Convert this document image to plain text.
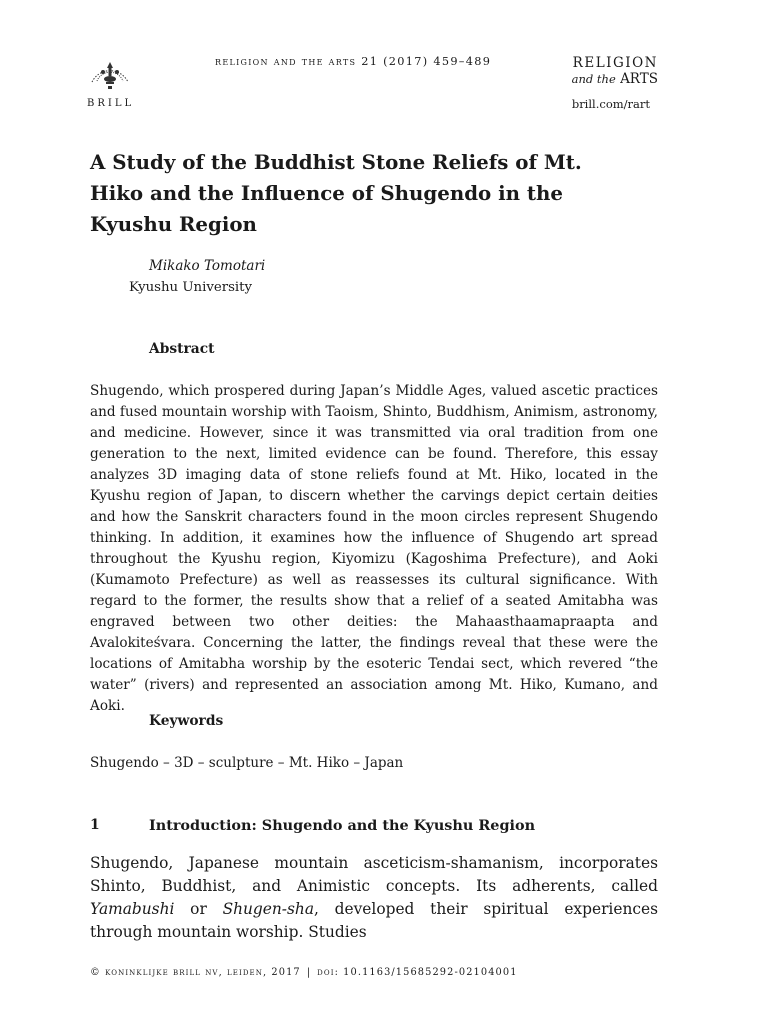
BRILL
religion and the arts 21 (2017) 459–489	RELIGION
and the ARTS
brill.com/rart
A Study of the Buddhist Stone Reliefs of Mt. Hiko and the Influence of Shugendo in the Kyushu Region
Mikako Tomotari
Kyushu University
Abstract

Shugendo, which prospered during Japan’s Middle Ages, valued ascetic practices and fused mountain worship with Taoism, Shinto, Buddhism, Animism, astronomy, and medicine. However, since it was transmitted via oral tradition from one generation to the next, limited evidence can be found. Therefore, this essay analyzes 3D imaging data of stone reliefs found at Mt. Hiko, located in the Kyushu region of Japan, to discern whether the carvings depict certain deities and how the Sanskrit characters found in the moon circles represent Shugendo thinking. In addition, it examines how the influence of Shugendo art spread throughout the Kyushu region, Kiyomizu (Kagoshima Prefecture), and Aoki (Kumamoto Prefecture) as well as reassesses its cultural significance. With regard to the former, the results show that a relief of a seated Amitabha was engraved between two other deities: the Mahaasthaamapraapta and Avalokiteśvara. Concerning the latter, the findings reveal that these were the locations of Amitabha worship by the esoteric Tendai sect, which revered “the water” (rivers) and represented an association among Mt. Hiko, Kumano, and Aoki.

Keywords
Shugendo – 3D – sculpture – Mt. Hiko – Japan
1	Introduction: Shugendo and the Kyushu Region

Shugendo, Japanese mountain asceticism-shamanism, incorporates Shinto, Buddhist, and Animistic concepts. Its adherents, called Yamabushi or Shugen-sha, developed their spiritual experiences through mountain worship. Studies

© koninklijke brill nv, leiden, 2017 | doi: 10.1163/15685292-02104001
